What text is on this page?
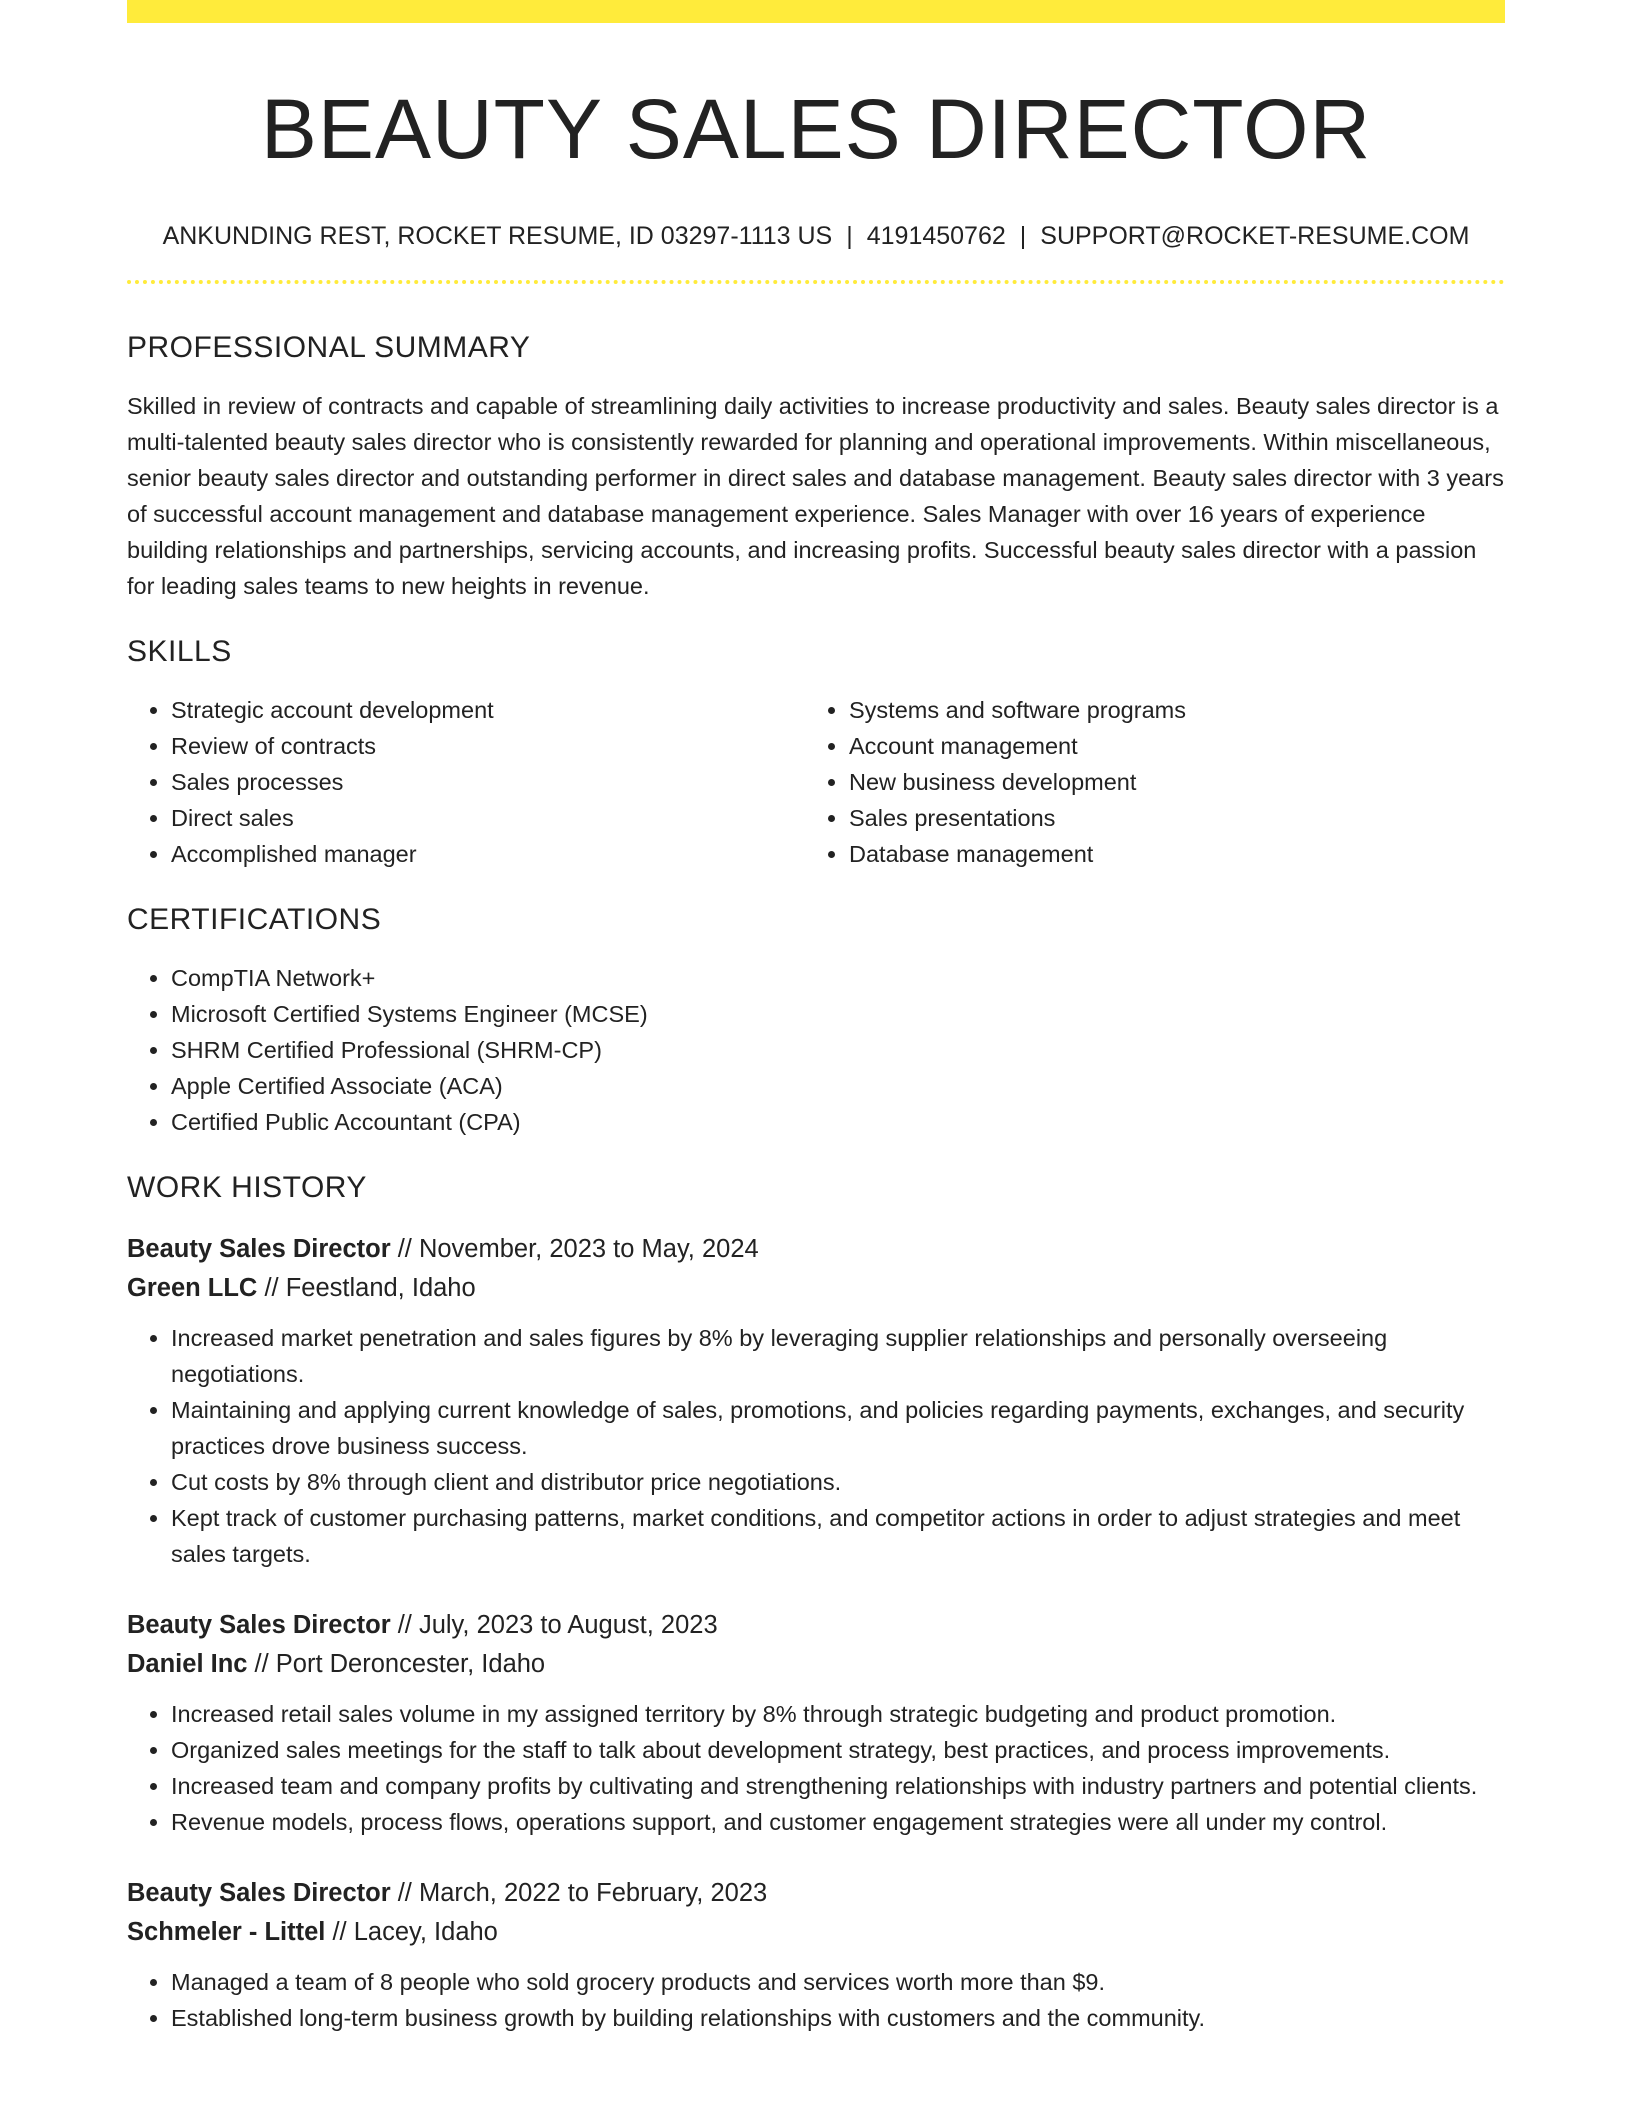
BEAUTY SALES DIRECTOR
ANKUNDING REST, ROCKET RESUME, ID 03297-1113 US | 4191450762 | SUPPORT@ROCKET-RESUME.COM
PROFESSIONAL SUMMARY
Skilled in review of contracts and capable of streamlining daily activities to increase productivity and sales. Beauty sales director is a multi-talented beauty sales director who is consistently rewarded for planning and operational improvements. Within miscellaneous, senior beauty sales director and outstanding performer in direct sales and database management. Beauty sales director with 3 years of successful account management and database management experience. Sales Manager with over 16 years of experience building relationships and partnerships, servicing accounts, and increasing profits. Successful beauty sales director with a passion for leading sales teams to new heights in revenue.
SKILLS
• Strategic account development
• Review of contracts
• Sales processes
• Direct sales
• Accomplished manager
• Systems and software programs
• Account management
• New business development
• Sales presentations
• Database management
CERTIFICATIONS
• CompTIA Network+
• Microsoft Certified Systems Engineer (MCSE)
• SHRM Certified Professional (SHRM-CP)
• Apple Certified Associate (ACA)
• Certified Public Accountant (CPA)
WORK HISTORY
Beauty Sales Director // November, 2023 to May, 2024
Green LLC // Feestland, Idaho
• Increased market penetration and sales figures by 8% by leveraging supplier relationships and personally overseeing negotiations.
• Maintaining and applying current knowledge of sales, promotions, and policies regarding payments, exchanges, and security practices drove business success.
• Cut costs by 8% through client and distributor price negotiations.
• Kept track of customer purchasing patterns, market conditions, and competitor actions in order to adjust strategies and meet sales targets.
Beauty Sales Director // July, 2023 to August, 2023
Daniel Inc // Port Deroncester, Idaho
• Increased retail sales volume in my assigned territory by 8% through strategic budgeting and product promotion.
• Organized sales meetings for the staff to talk about development strategy, best practices, and process improvements.
• Increased team and company profits by cultivating and strengthening relationships with industry partners and potential clients.
• Revenue models, process flows, operations support, and customer engagement strategies were all under my control.
Beauty Sales Director // March, 2022 to February, 2023
Schmeler - Littel // Lacey, Idaho
• Managed a team of 8 people who sold grocery products and services worth more than $9.
• Established long-term business growth by building relationships with customers and the community.
